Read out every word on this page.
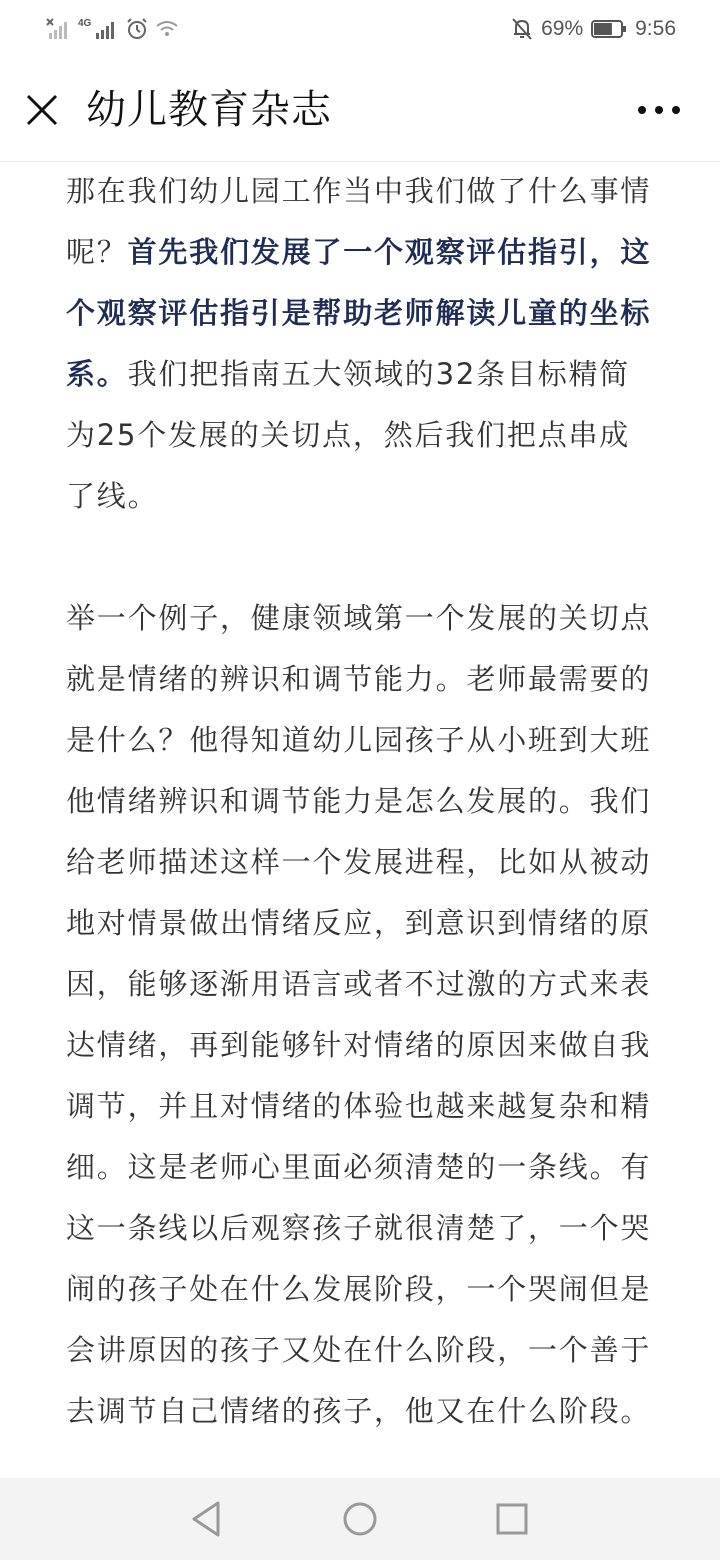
4G	69% 9:56
幼儿教育杂志

那在我们幼儿园工作当中我们做了什么事情呢？首先我们发展了一个观察评估指引，这个观察评估指引是帮助老师解读儿童的坐标系。我们把指南五大领域的32条目标精简为25个发展的关切点，然后我们把点串成了线。

举一个例子，健康领域第一个发展的关切点就是情绪的辨识和调节能力。老师最需要的是什么？他得知道幼儿园孩子从小班到大班他情绪辨识和调节能力是怎么发展的。我们给老师描述这样一个发展进程，比如从被动地对情景做出情绪反应，到意识到情绪的原因，能够逐渐用语言或者不过激的方式来表达情绪，再到能够针对情绪的原因来做自我调节，并且对情绪的体验也越来越复杂和精细。这是老师心里面必须清楚的一条线。有这一条线以后观察孩子就很清楚了，一个哭闹的孩子处在什么发展阶段，一个哭闹但是会讲原因的孩子又处在什么阶段，一个善于去调节自己情绪的孩子，他又在什么阶段。
